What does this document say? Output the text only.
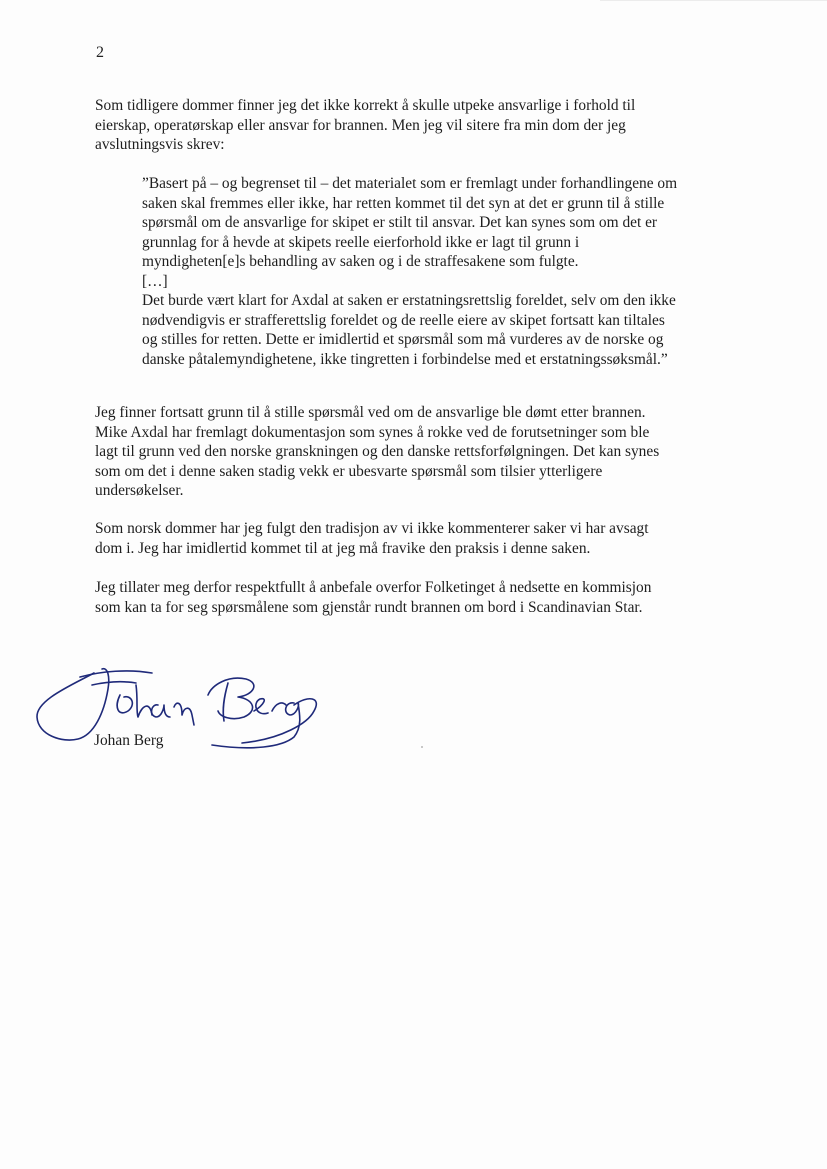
2
Som tidligere dommer finner jeg det ikke korrekt å skulle utpeke ansvarlige i forhold til
eierskap, operatørskap eller ansvar for brannen. Men jeg vil sitere fra min dom der jeg
avslutningsvis skrev:
”Basert på – og begrenset til – det materialet som er fremlagt under forhandlingene om
saken skal fremmes eller ikke, har retten kommet til det syn at det er grunn til å stille
spørsmål om de ansvarlige for skipet er stilt til ansvar. Det kan synes som om det er
grunnlag for å hevde at skipets reelle eierforhold ikke er lagt til grunn i
myndigheten[e]s behandling av saken og i de straffesakene som fulgte.
[…]
Det burde vært klart for Axdal at saken er erstatningsrettslig foreldet, selv om den ikke
nødvendigvis er strafferettslig foreldet og de reelle eiere av skipet fortsatt kan tiltales
og stilles for retten. Dette er imidlertid et spørsmål som må vurderes av de norske og
danske påtalemyndighetene, ikke tingretten i forbindelse med et erstatningssøksmål.”
Jeg finner fortsatt grunn til å stille spørsmål ved om de ansvarlige ble dømt etter brannen.
Mike Axdal har fremlagt dokumentasjon som synes å rokke ved de forutsetninger som ble
lagt til grunn ved den norske granskningen og den danske rettsforfølgningen. Det kan synes
som om det i denne saken stadig vekk er ubesvarte spørsmål som tilsier ytterligere
undersøkelser.
Som norsk dommer har jeg fulgt den tradisjon av vi ikke kommenterer saker vi har avsagt
dom i. Jeg har imidlertid kommet til at jeg må fravike den praksis i denne saken.
Jeg tillater meg derfor respektfullt å anbefale overfor Folketinget å nedsette en kommisjon
som kan ta for seg spørsmålene som gjenstår rundt brannen om bord i Scandinavian Star.
Johan Berg
